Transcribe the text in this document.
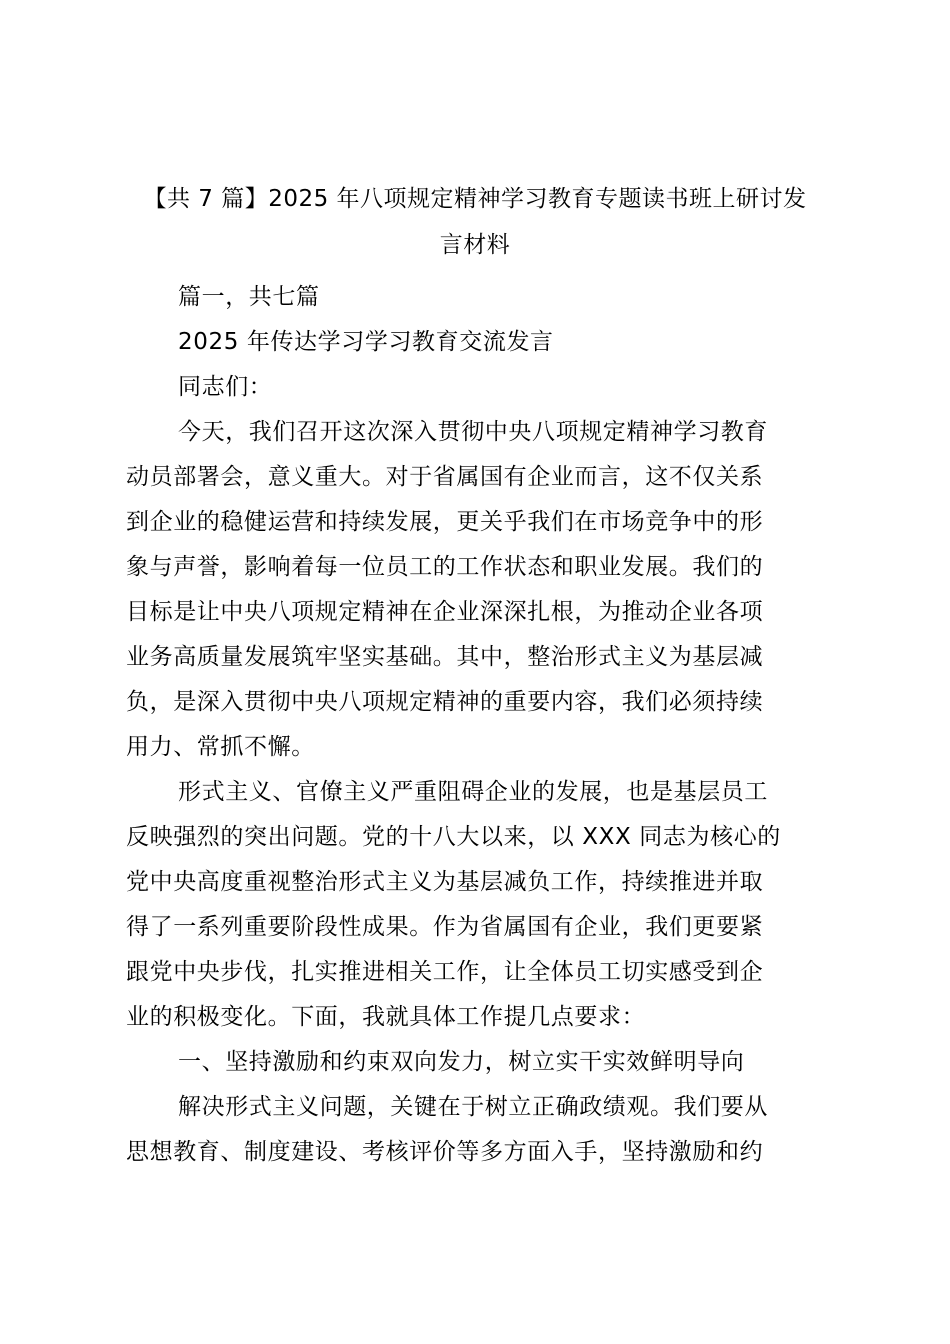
【共 7 篇】2025 年八项规定精神学习教育专题读书班上研讨发
言材料
篇一，共七篇
2025 年传达学习学习教育交流发言
同志们：
今天，我们召开这次深入贯彻中央八项规定精神学习教育
动员部署会，意义重大。对于省属国有企业而言，这不仅关系
到企业的稳健运营和持续发展，更关乎我们在市场竞争中的形
象与声誉，影响着每一位员工的工作状态和职业发展。我们的
目标是让中央八项规定精神在企业深深扎根，为推动企业各项
业务高质量发展筑牢坚实基础。其中，整治形式主义为基层减
负，是深入贯彻中央八项规定精神的重要内容，我们必须持续
用力、常抓不懈。
形式主义、官僚主义严重阻碍企业的发展，也是基层员工
反映强烈的突出问题。党的十八大以来，以 XXX 同志为核心的
党中央高度重视整治形式主义为基层减负工作，持续推进并取
得了一系列重要阶段性成果。作为省属国有企业，我们更要紧
跟党中央步伐，扎实推进相关工作，让全体员工切实感受到企
业的积极变化。下面，我就具体工作提几点要求：
一、坚持激励和约束双向发力，树立实干实效鲜明导向
解决形式主义问题，关键在于树立正确政绩观。我们要从
思想教育、制度建设、考核评价等多方面入手，坚持激励和约
